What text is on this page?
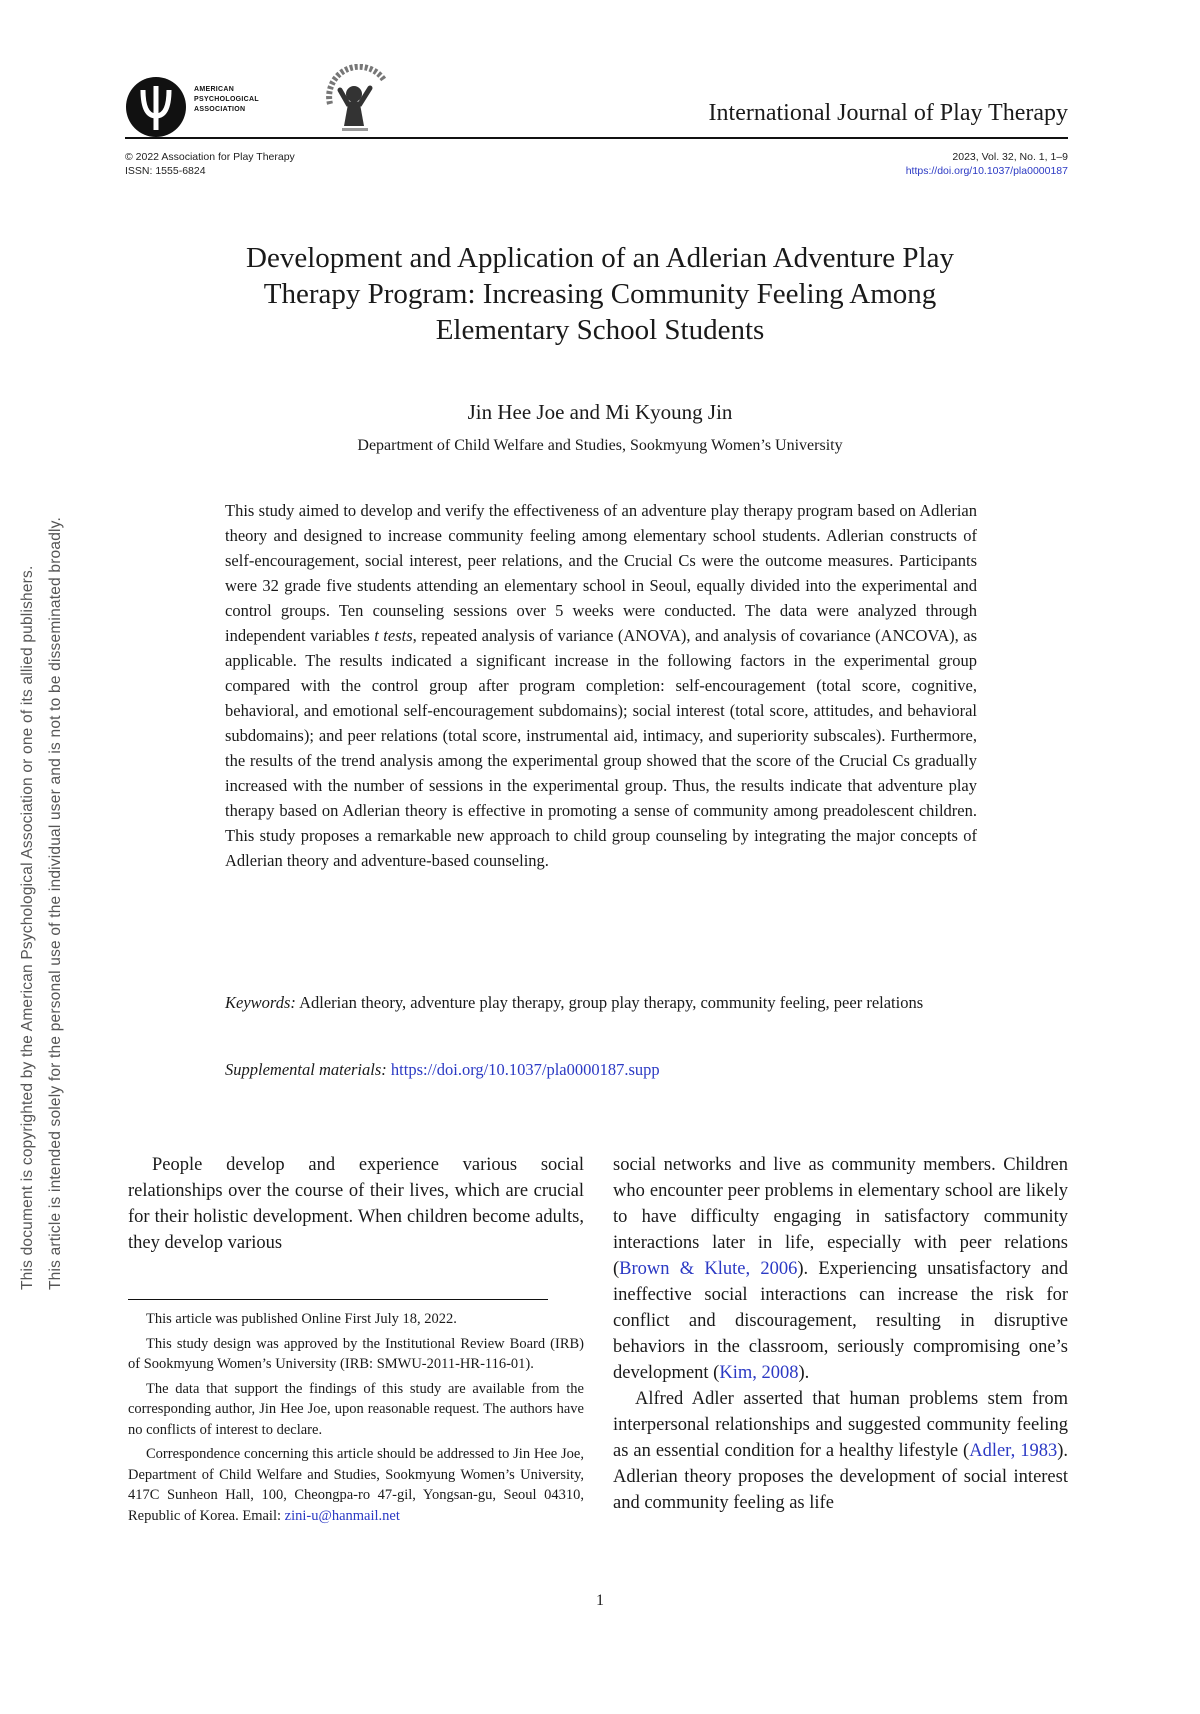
This document is copyrighted by the American Psychological Association or one of its allied publishers. This article is intended solely for the personal use of the individual user and is not to be disseminated broadly.
AMERICAN
PSYCHOLOGICAL
ASSOCIATION	International Journal of Play Therapy
© 2022 Association for Play Therapy
ISSN: 1555-6824
2023, Vol. 32, No. 1, 1–9
https://doi.org/10.1037/pla0000187
Development and Application of an Adlerian Adventure Play
Therapy Program: Increasing Community Feeling Among
Elementary School Students
Jin Hee Joe and Mi Kyoung Jin
Department of Child Welfare and Studies, Sookmyung Women’s University
This study aimed to develop and verify the effectiveness of an adventure play therapy program based on Adlerian theory and designed to increase community feeling among elementary school students. Adlerian constructs of self-encouragement, social interest, peer relations, and the Crucial Cs were the outcome measures. Participants were 32 grade five students attending an elementary school in Seoul, equally divided into the experimental and control groups. Ten counseling sessions over 5 weeks were conducted. The data were analyzed through independent variables t tests, repeated analysis of variance (ANOVA), and analysis of covariance (ANCOVA), as applicable. The results indicated a significant increase in the following factors in the experimental group compared with the control group after program completion: self-encouragement (total score, cognitive, behavioral, and emotional self-encouragement subdomains); social interest (total score, attitudes, and behavioral subdomains); and peer relations (total score, instrumental aid, intimacy, and superiority subscales). Furthermore, the results of the trend analysis among the experimental group showed that the score of the Crucial Cs gradually increased with the number of sessions in the experimental group. Thus, the results indicate that adventure play therapy based on Adlerian theory is effective in promoting a sense of community among preadolescent children. This study proposes a remarkable new approach to child group counseling by integrating the major concepts of Adlerian theory and adventure-based counseling.
Keywords: Adlerian theory, adventure play therapy, group play therapy, community feeling, peer relations
Supplemental materials: https://doi.org/10.1037/pla0000187.supp
People develop and experience various social relationships over the course of their lives, which are crucial for their holistic development. When children become adults, they develop various

social networks and live as community members. Children who encounter peer problems in elementary school are likely to have difficulty engaging in satisfactory community interactions later in life, especially with peer relations (Brown & Klute, 2006). Experiencing unsatisfactory and ineffective social interactions can increase the risk for conflict and discouragement, resulting in disruptive behaviors in the classroom, seriously compromising one’s development (Kim, 2008).

Alfred Adler asserted that human problems stem from interpersonal relationships and suggested community feeling as an essential condition for a healthy lifestyle (Adler, 1983). Adlerian theory proposes the development of social interest and community feeling as life

This article was published Online First July 18, 2022.

This study design was approved by the Institutional Review Board (IRB) of Sookmyung Women’s University (IRB: SMWU-2011-HR-116-01).

The data that support the findings of this study are available from the corresponding author, Jin Hee Joe, upon reasonable request. The authors have no conflicts of interest to declare.

Correspondence concerning this article should be addressed to Jin Hee Joe, Department of Child Welfare and Studies, Sookmyung Women’s University, 417C Sunheon Hall, 100, Cheongpa-ro 47-gil, Yongsan-gu, Seoul 04310, Republic of Korea. Email: zini-u@hanmail.net

1
